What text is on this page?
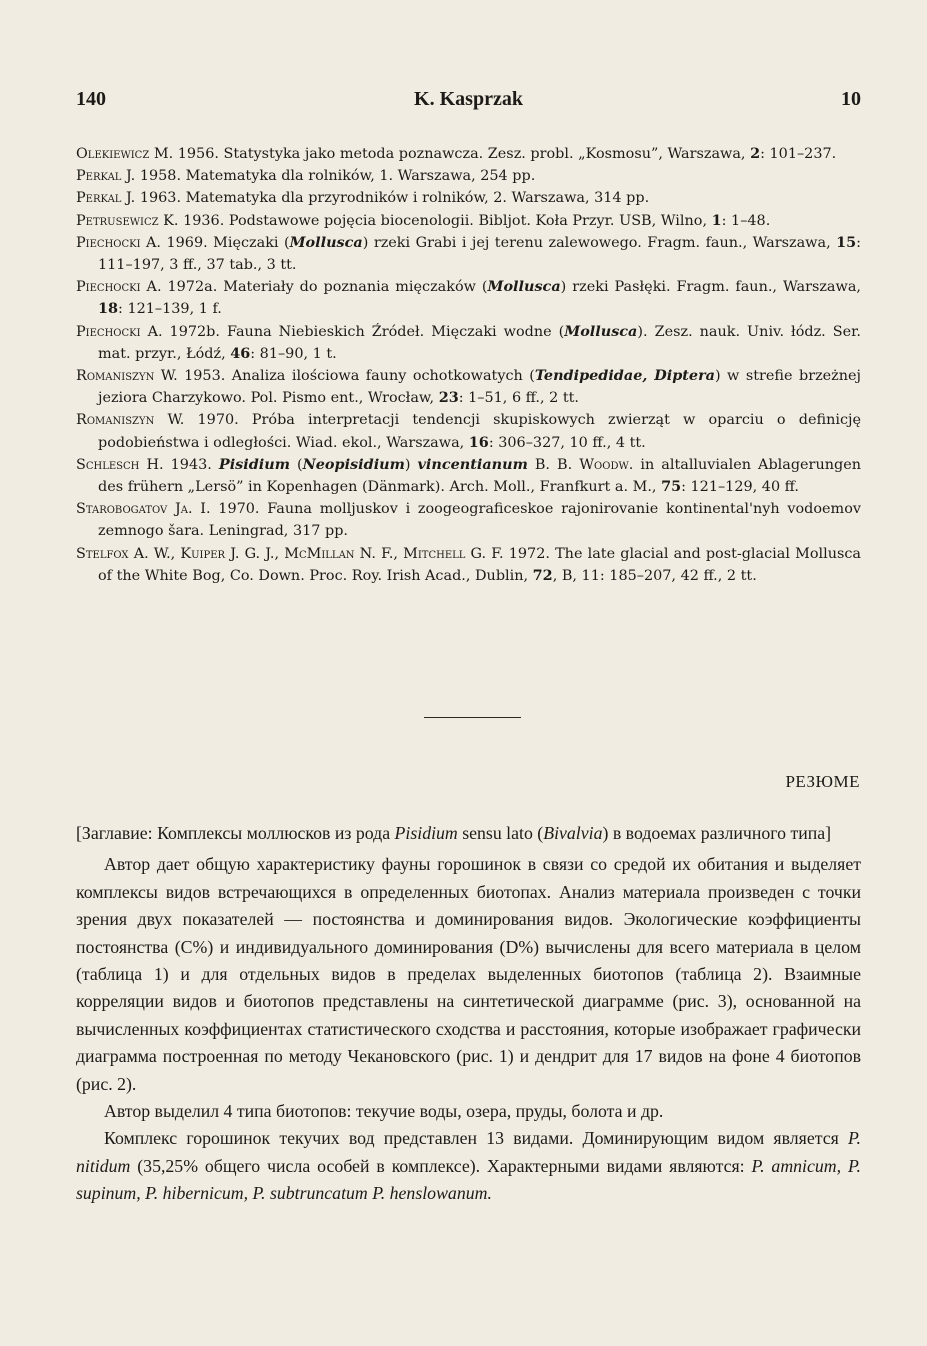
140	K. Kasprzak	10

Olekiewicz M. 1956. Statystyka jako metoda poznawcza. Zesz. probl. „Kosmosu”, Warszawa, 2: 101–237.

Perkal J. 1958. Matematyka dla rolników, 1. Warszawa, 254 pp.

Perkal J. 1963. Matematyka dla przyrodników i rolników, 2. Warszawa, 314 pp.

Petrusewicz K. 1936. Podstawowe pojęcia biocenologii. Bibljot. Koła Przyr. USB, Wilno, 1: 1–48.

Piechocki A. 1969. Mięczaki (Mollusca) rzeki Grabi i jej terenu zalewowego. Fragm. faun., Warszawa, 15: 111–197, 3 ff., 37 tab., 3 tt.

Piechocki A. 1972a. Materiały do poznania mięczaków (Mollusca) rzeki Pasłęki. Fragm. faun., Warszawa, 18: 121–139, 1 f.

Piechocki A. 1972b. Fauna Niebieskich Źródeł. Mięczaki wodne (Mollusca). Zesz. nauk. Univ. łódz. Ser. mat. przyr., Łódź, 46: 81–90, 1 t.

Romaniszyn W. 1953. Analiza ilościowa fauny ochotkowatych (Tendipedidae, Diptera) w strefie brzeżnej jeziora Charzykowo. Pol. Pismo ent., Wrocław, 23: 1–51, 6 ff., 2 tt.

Romaniszyn W. 1970. Próba interpretacji tendencji skupiskowych zwierząt w oparciu o definicję podobieństwa i odległości. Wiad. ekol., Warszawa, 16: 306–327, 10 ff., 4 tt.

Schlesch H. 1943. Pisidium (Neopisidium) vincentianum B. B. Woodw. in altalluvialen Ablagerungen des frühern „Lersö” in Kopenhagen (Dänmark). Arch. Moll., Franfkurt a. M., 75: 121–129, 40 ff.

Starobogatov Ja. I. 1970. Fauna molljuskov i zoogeograficeskoe rajonirovanie kontinental'nyh vodoemov zemnogo šara. Leningrad, 317 pp.

Stelfox A. W., Kuiper J. G. J., McMillan N. F., Mitchell G. F. 1972. The late glacial and post-glacial Mollusca of the White Bog, Co. Down. Proc. Roy. Irish Acad., Dublin, 72, B, 11: 185–207, 42 ff., 2 tt.

РЕЗЮМЕ

[Заглавие: Комплексы моллюсков из рода Pisidium sensu lato (Bivalvia) в водоемах различного типа]

Автор дает общую характеристику фауны горошинок в связи со средой их обитания и выделяет комплексы видов встречающихся в определенных биотопах. Анализ материала произведен с точки зрения двух показателей — постоянства и доминирования видов. Экологические коэффициенты постоянства (C%) и индивидуального доминирования (D%) вычислены для всего материала в целом (таблица 1) и для отдельных видов в пределах выделенных биотопов (таблица 2). Взаимные корреляции видов и биотопов представлены на синтетической диаграмме (рис. 3), основанной на вычисленных коэффициентах статистического сходства и расстояния, которые изображает графически диаграмма построенная по методу Чекановского (рис. 1) и дендрит для 17 видов на фоне 4 биотопов (рис. 2).

Автор выделил 4 типа биотопов: текучие воды, озера, пруды, болота и др.

Комплекс горошинок текучих вод представлен 13 видами. Доминирующим видом является P. nitidum (35,25% общего числа особей в комплексе). Характерными видами являются: P. amnicum, P. supinum, P. hibernicum, P. subtruncatum P. henslowanum.
